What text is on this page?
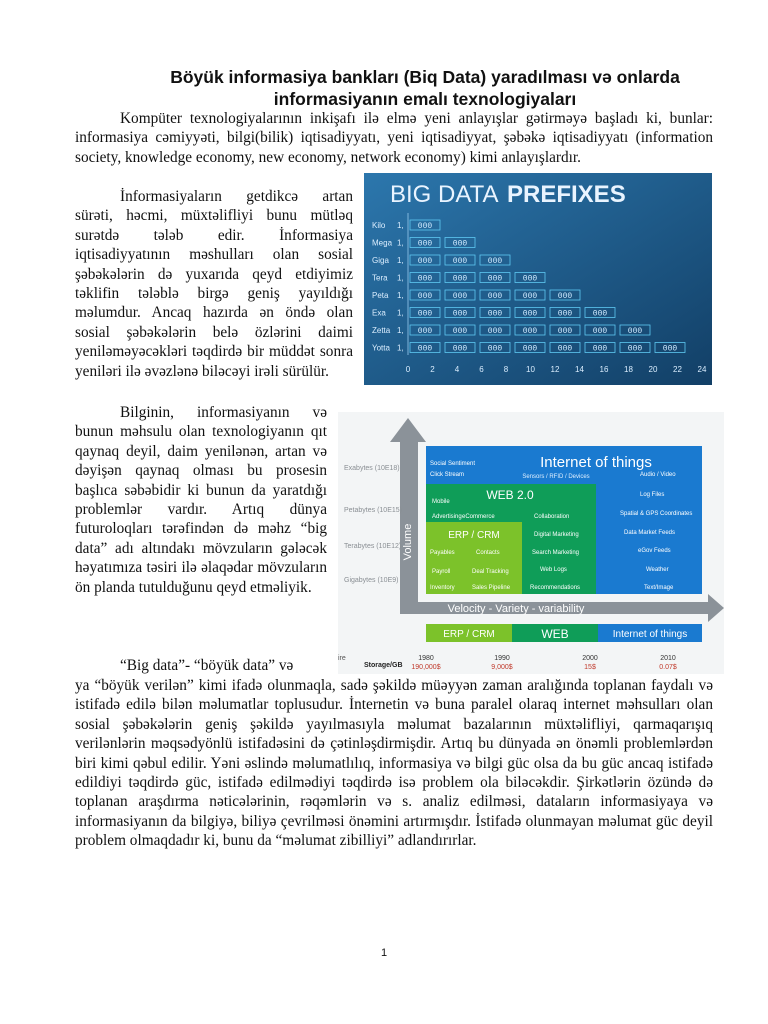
Böyük informasiya bankları (Biq Data) yaradılması və onlarda informasiyanın emalı texnologiyaları

Kompüter texnologiyalarının inkişafı ilə elmə yeni anlayışlar gətirməyə başladı ki, bunlar: informasiya cəmiyyəti, bilgi(bilik) iqtisadiyyatı, yeni iqtisadiyyat, şəbəkə iqtisadiyyatı (information society, knowledge economy, new economy, network economy) kimi anlayışlardır.

İnformasiyaların getdikcə artan sürəti, həcmi, müxtəlifliyi bunu mütləq surətdə tələb edir. İnformasiya iqtisadiyyatının məshulları olan sosial şəbəkələrin də yuxarıda qeyd etdiyimiz təklifin tələblə birgə geniş yayıldığı məlumdur. Ancaq hazırda ən öndə olan sosial şəbəkələrin belə özlərini daimi yeniləməyəcəkləri təqdirdə bir müddət sonra yeniləri ilə əvəzlənə biləcəyi irəli sürülür.

Bilginin, informasiyanın və bunun məhsulu olan texnologiyanın qıt qaynaq deyil, daim yenilənən, artan və dəyişən qaynaq olması bu prosesin başlıca səbəbidir ki bunun da yaratdığı problemlər vardır. Artıq dünya futuroloqları tərəfindən də məhz “big data” adı altındakı mövzuların gələcək həyatımıza təsiri ilə əlaqədar mövzuların ön planda tutulduğunu qeyd etməliyik.

“Big data”- “böyük data” və

ya “böyük verilən” kimi ifadə olunmaqla, sadə şəkildə müəyyən zaman aralığında toplanan faydalı və istifadə edilə bilən məlumatlar toplusudur. İnternetin və buna paralel olaraq internet məhsulları olan sosial şəbəkələrin geniş şəkildə yayılmasıyla məlumat bazalarının müxtəlifliyi, qarmaqarışıq verilənlərin məqsədyönlü istifadəsini də çətinləşdirmişdir. Artıq bu dünyada ən önəmli problemlərdən biri kimi qəbul edilir. Yəni əslində məlumatlılıq, informasiya və bilgi güc olsa da bu güc ancaq istifadə edildiyi təqdirdə güc, istifadə edilmədiyi təqdirdə isə problem ola biləcəkdir. Şirkətlərin özündə də toplanan araşdırma nəticələrinin, rəqəmlərin və s. analiz edilməsi, dataların informasiyaya və informasiyanın da bilgiyə, biliyə çevrilməsi önəmini artırmışdır. İstifadə olunmayan məlumat güc deyil problem olmaqdadır ki, bunu da “məlumat zibilliyi” adlandırırlar.

BIG DATA PREFIXES
Kilo 1, 000
Mega 1, 000	000
Giga 1, 000	000	000
Tera 1, 000	000	000	000
Peta 1, 000	000	000	000	000
Exa 1, 000	000	000	000	000	000
Zetta 1, 000	000	000	000	000	000	000
Yotta 1, 000	000	000	000	000	000	000	000
0	2	4	6	8 10 12 14 16 18 20 22 24
Volume
Velocity - Variety - variability
Exabytes (10E18)
Petabytes (10E15)
Terabytes (10E12)
Gigabytes (10E9)
Internet of things
Sensors / RFID / Devices
WEB 2.0
ERP / CRM
Social Sentiment
Click Stream	Audio / Video
Log Files
Spatial & GPS Coordinates
Data Market Feeds
eGov Feeds
Weather
Text/Image
Mobile
Advertising eCommerce	Collaboration
Digital Marketing
Search Marketing
Web Logs
Recommendations
Payables	Contacts
Payroll	Deal Tracking
Inventory	Sales Pipeline
ERP / CRM	WEB	Internet of things
ire
Storage/GB
1980
190,000$
1990
9,000$
2000
15$
2010
0.07$
1
